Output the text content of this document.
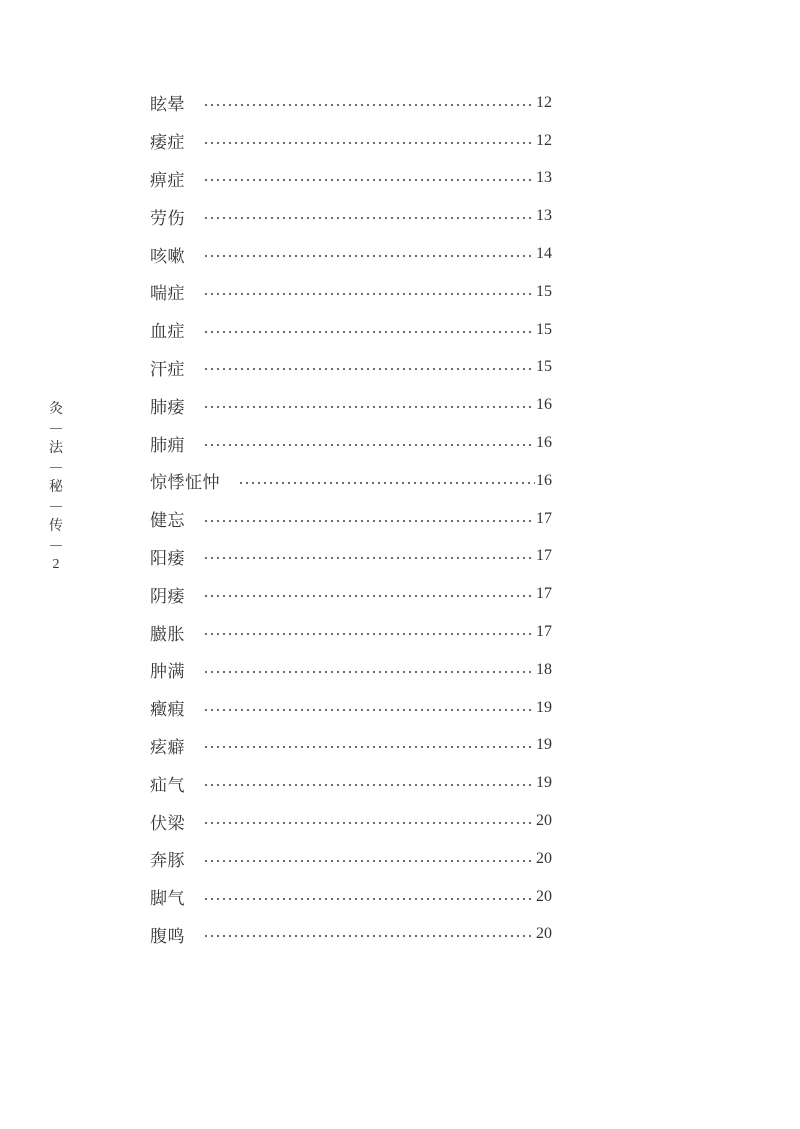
灸
法
秘
传
2
眩晕	12
痿症	12
痹症	13
劳伤	13
咳嗽	14
喘症	15
血症	15
汗症	15
肺痿	16
肺痈	16
惊悸怔忡	16
健忘	17
阳痿	17
阴痿	17
臌胀	17
肿满	18
癥瘕	19
痃癖	19
疝气	19
伏梁	20
奔豚	20
脚气	20
腹鸣	20
